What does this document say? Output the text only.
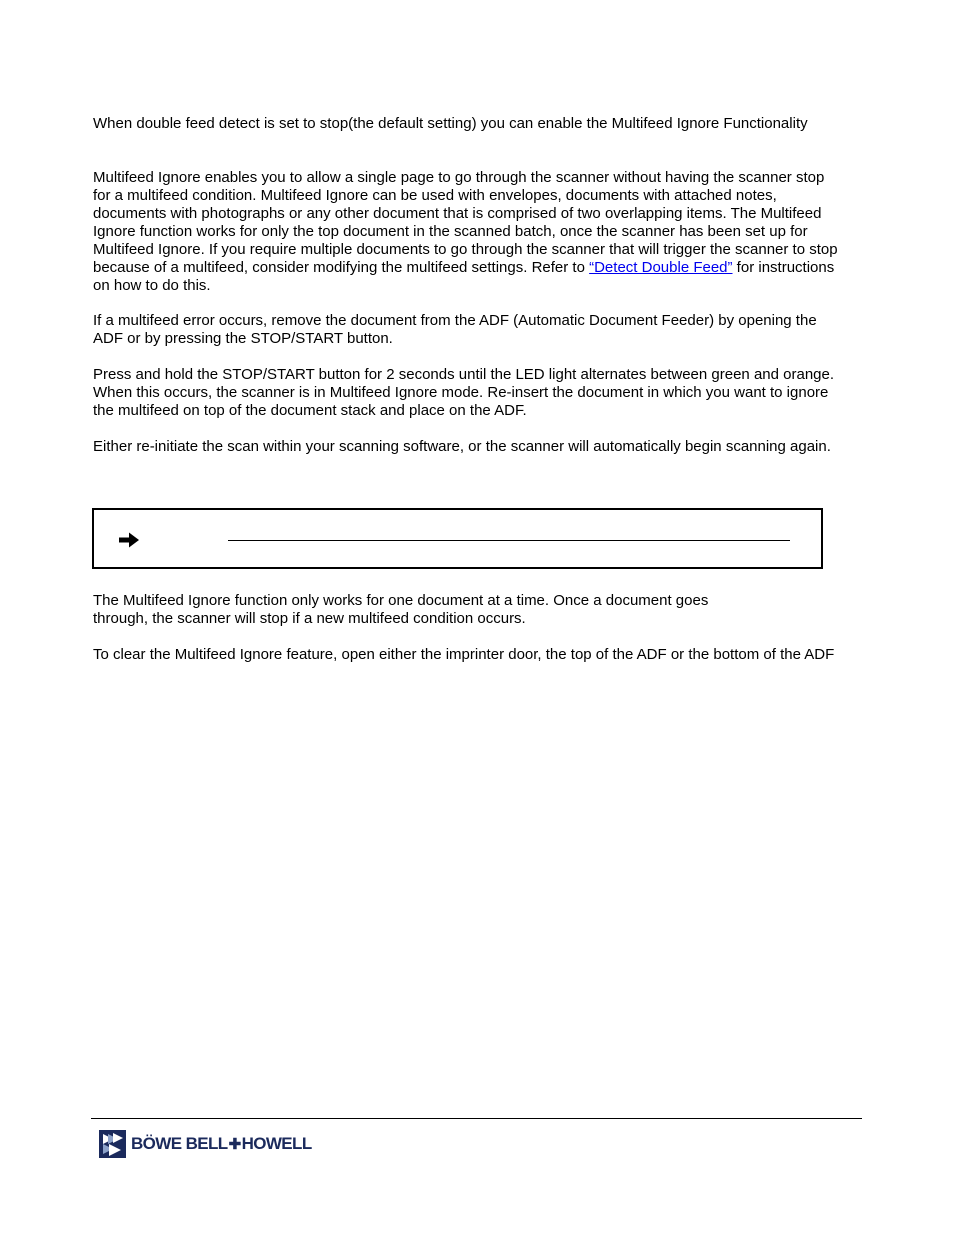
When double feed detect is set to stop(the default setting) you can enable the Multifeed Ignore Functionality

Multifeed Ignore enables you to allow a single page to go through the scanner without having the scanner stop for a multifeed condition. Multifeed Ignore can be used with envelopes, documents with attached notes, documents with photographs or any other document that is comprised of two overlapping items. The Multifeed Ignore function works for only the top document in the scanned batch, once the scanner has been set up for Multifeed Ignore. If you require multiple documents to go through the scanner that will trigger the scanner to stop because of a multifeed, consider modifying the multifeed settings. Refer to “Detect Double Feed” for instructions on how to do this.

If a multifeed error occurs, remove the document from the ADF (Automatic Document Feeder) by opening the ADF or by pressing the STOP/START button.

Press and hold the STOP/START button for 2 seconds until the LED light alternates between green and orange. When this occurs, the scanner is in Multifeed Ignore mode. Re-insert the document in which you want to ignore the multifeed on top of the document stack and place on the ADF.

Either re-initiate the scan within your scanning software, or the scanner will automatically begin scanning again.

The Multifeed Ignore function only works for one document at a time. Once a document goes through, the scanner will stop if a new multifeed condition occurs.

To clear the Multifeed Ignore feature, open either the imprinter door, the top of the ADF or the bottom of the ADF

BÖWE BELL✚HOWELL
